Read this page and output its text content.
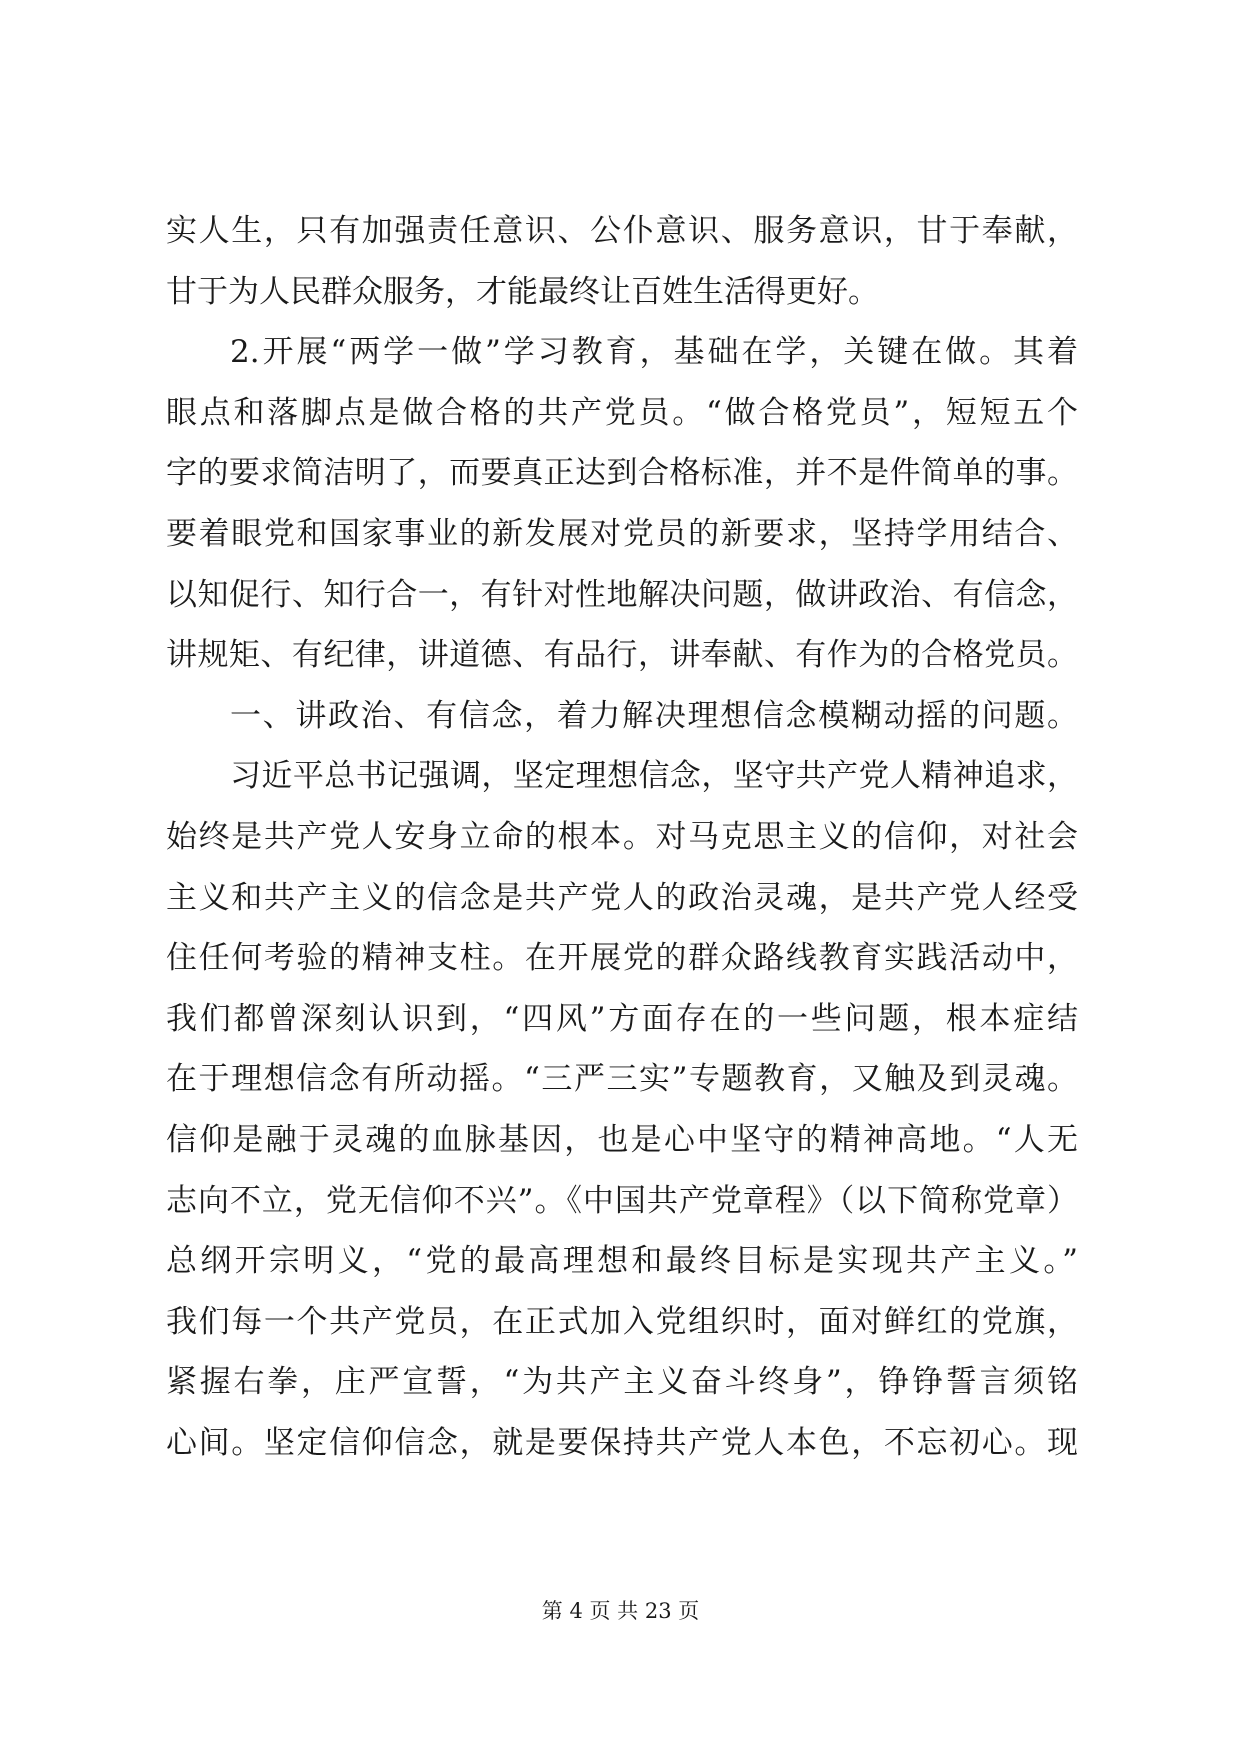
实人生，只有加强责任意识、公仆意识、服务意识，甘于奉献，
甘于为人民群众服务，才能最终让百姓生活得更好。
2.开展“两学一做”学习教育，基础在学，关键在做。其着
眼点和落脚点是做合格的共产党员。“做合格党员”，短短五个
字的要求简洁明了，而要真正达到合格标准，并不是件简单的事。
要着眼党和国家事业的新发展对党员的新要求，坚持学用结合、
以知促行、知行合一，有针对性地解决问题，做讲政治、有信念，
讲规矩、有纪律，讲道德、有品行，讲奉献、有作为的合格党员。
一、讲政治、有信念，着力解决理想信念模糊动摇的问题。
习近平总书记强调，坚定理想信念，坚守共产党人精神追求，
始终是共产党人安身立命的根本。对马克思主义的信仰，对社会
主义和共产主义的信念是共产党人的政治灵魂，是共产党人经受
住任何考验的精神支柱。在开展党的群众路线教育实践活动中，
我们都曾深刻认识到，“四风”方面存在的一些问题，根本症结
在于理想信念有所动摇。“三严三实”专题教育，又触及到灵魂。
信仰是融于灵魂的血脉基因，也是心中坚守的精神高地。“人无
志向不立，党无信仰不兴”。《中国共产党章程》（以下简称党章）
总纲开宗明义，“党的最高理想和最终目标是实现共产主义。”
我们每一个共产党员，在正式加入党组织时，面对鲜红的党旗，
紧握右拳，庄严宣誓，“为共产主义奋斗终身”，铮铮誓言须铭
心间。坚定信仰信念，就是要保持共产党人本色，不忘初心。现
第 4 页 共 23 页
